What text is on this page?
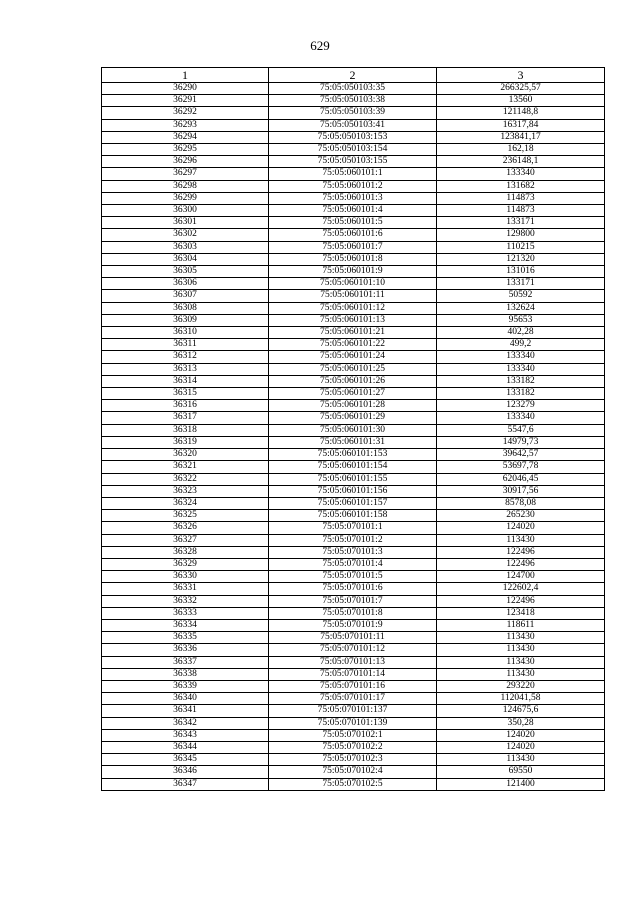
629
1	2	3
36290	75:05:050103:35	266325,57
36291	75:05:050103:38	13560
36292	75:05:050103:39	121148,8
36293	75:05:050103:41	16317,84
36294	75:05:050103:153	123841,17
36295	75:05:050103:154	162,18
36296	75:05:050103:155	236148,1
36297	75:05:060101:1	133340
36298	75:05:060101:2	131682
36299	75:05:060101:3	114873
36300	75:05:060101:4	114873
36301	75:05:060101:5	133171
36302	75:05:060101:6	129800
36303	75:05:060101:7	110215
36304	75:05:060101:8	121320
36305	75:05:060101:9	131016
36306	75:05:060101:10	133171
36307	75:05:060101:11	50592
36308	75:05:060101:12	132624
36309	75:05:060101:13	95653
36310	75:05:060101:21	402,28
36311	75:05:060101:22	499,2
36312	75:05:060101:24	133340
36313	75:05:060101:25	133340
36314	75:05:060101:26	133182
36315	75:05:060101:27	133182
36316	75:05:060101:28	123279
36317	75:05:060101:29	133340
36318	75:05:060101:30	5547,6
36319	75:05:060101:31	14979,73
36320	75:05:060101:153	39642,57
36321	75:05:060101:154	53697,78
36322	75:05:060101:155	62046,45
36323	75:05:060101:156	30917,56
36324	75:05:060101:157	8578,08
36325	75:05:060101:158	265230
36326	75:05:070101:1	124020
36327	75:05:070101:2	113430
36328	75:05:070101:3	122496
36329	75:05:070101:4	122496
36330	75:05:070101:5	124700
36331	75:05:070101:6	122602,4
36332	75:05:070101:7	122496
36333	75:05:070101:8	123418
36334	75:05:070101:9	118611
36335	75:05:070101:11	113430
36336	75:05:070101:12	113430
36337	75:05:070101:13	113430
36338	75:05:070101:14	113430
36339	75:05:070101:16	293220
36340	75:05:070101:17	112041,58
36341	75:05:070101:137	124675,6
36342	75:05:070101:139	350,28
36343	75:05:070102:1	124020
36344	75:05:070102:2	124020
36345	75:05:070102:3	113430
36346	75:05:070102:4	69550
36347	75:05:070102:5	121400
